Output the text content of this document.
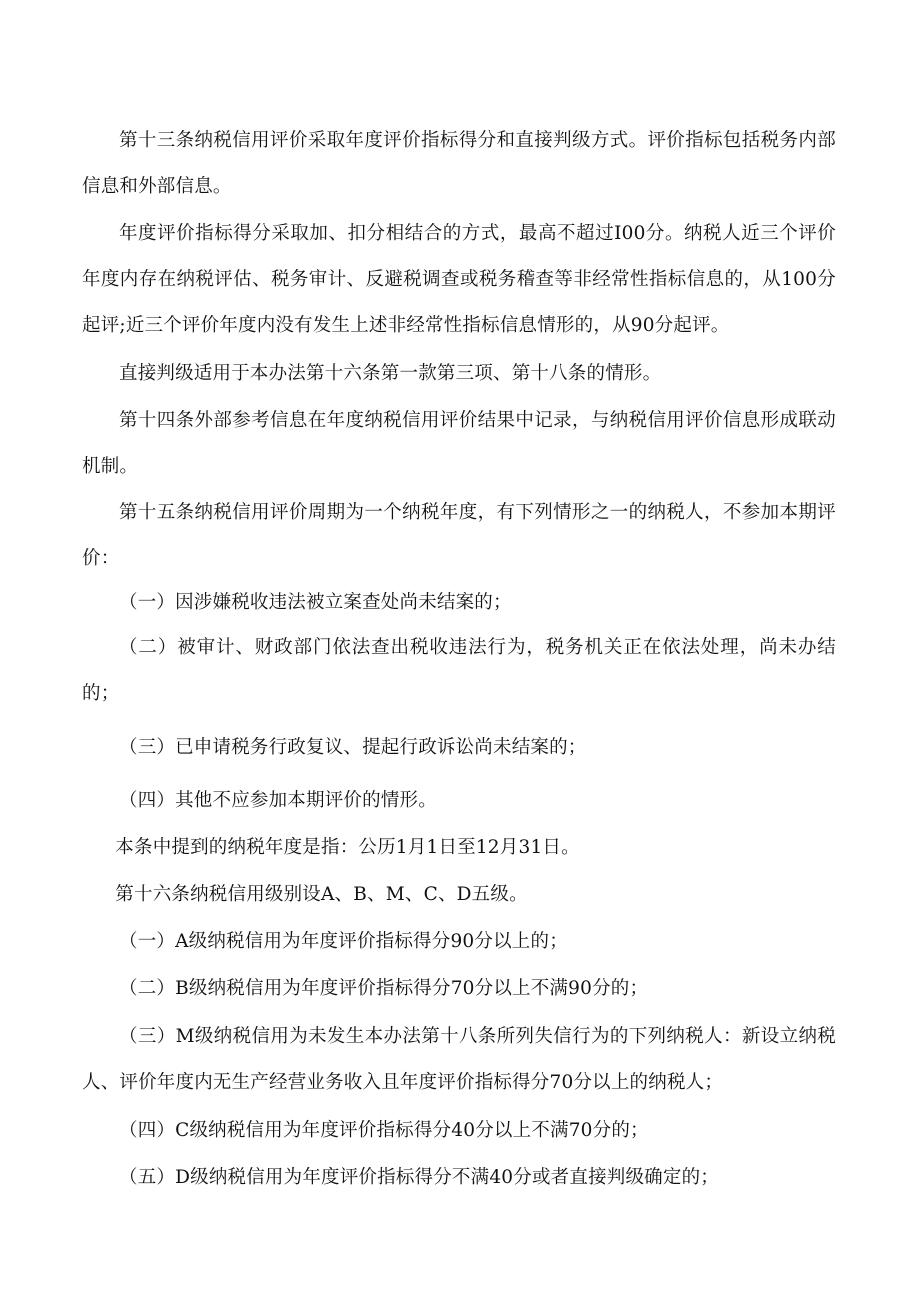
第十三条纳税信用评价采取年度评价指标得分和直接判级方式。评价指标包括税务内部信息和外部信息。

年度评价指标得分采取加、扣分相结合的方式，最高不超过I00分。纳税人近三个评价年度内存在纳税评估、税务审计、反避税调查或税务稽查等非经常性指标信息的，从100分起评;近三个评价年度内没有发生上述非经常性指标信息情形的，从90分起评。

直接判级适用于本办法第十六条第一款第三项、第十八条的情形。

第十四条外部参考信息在年度纳税信用评价结果中记录，与纳税信用评价信息形成联动机制。

第十五条纳税信用评价周期为一个纳税年度，有下列情形之一的纳税人，不参加本期评价：

（一）因涉嫌税收违法被立案查处尚未结案的；

（二）被审计、财政部门依法查出税收违法行为，税务机关正在依法处理，尚未办结的；

（三）已申请税务行政复议、提起行政诉讼尚未结案的；

（四）其他不应参加本期评价的情形。

本条中提到的纳税年度是指：公历1月1日至12月31日。

第十六条纳税信用级别设A、B、M、C、D五级。

（一）A级纳税信用为年度评价指标得分90分以上的；

（二）B级纳税信用为年度评价指标得分70分以上不满90分的；

（三）M级纳税信用为未发生本办法第十八条所列失信行为的下列纳税人：新设立纳税人、评价年度内无生产经营业务收入且年度评价指标得分70分以上的纳税人；

（四）C级纳税信用为年度评价指标得分40分以上不满70分的；

（五）D级纳税信用为年度评价指标得分不满40分或者直接判级确定的；
